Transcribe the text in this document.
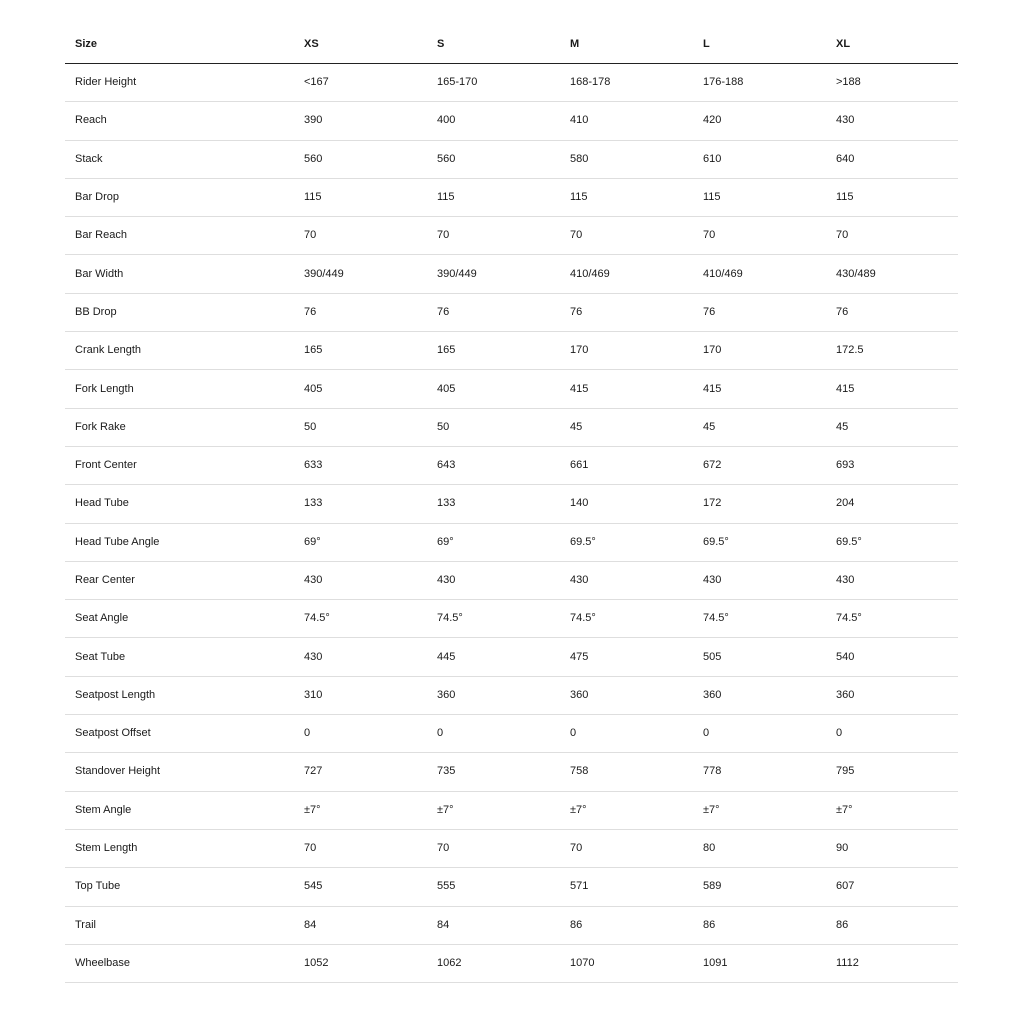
Size	XS	S	M	L	XL
Rider Height	<167	165-170	168-178	176-188	>188
Reach	390	400	410	420	430
Stack	560	560	580	610	640
Bar Drop	115	115	115	115	115
Bar Reach	70	70	70	70	70
Bar Width	390/449	390/449	410/469	410/469	430/489
BB Drop	76	76	76	76	76
Crank Length	165	165	170	170	172.5
Fork Length	405	405	415	415	415
Fork Rake	50	50	45	45	45
Front Center	633	643	661	672	693
Head Tube	133	133	140	172	204
Head Tube Angle	69°	69°	69.5°	69.5°	69.5°
Rear Center	430	430	430	430	430
Seat Angle	74.5°	74.5°	74.5°	74.5°	74.5°
Seat Tube	430	445	475	505	540
Seatpost Length	310	360	360	360	360
Seatpost Offset	0	0	0	0	0
Standover Height	727	735	758	778	795
Stem Angle	±7°	±7°	±7°	±7°	±7°
Stem Length	70	70	70	80	90
Top Tube	545	555	571	589	607
Trail	84	84	86	86	86
Wheelbase	1052	1062	1070	1091	1112
